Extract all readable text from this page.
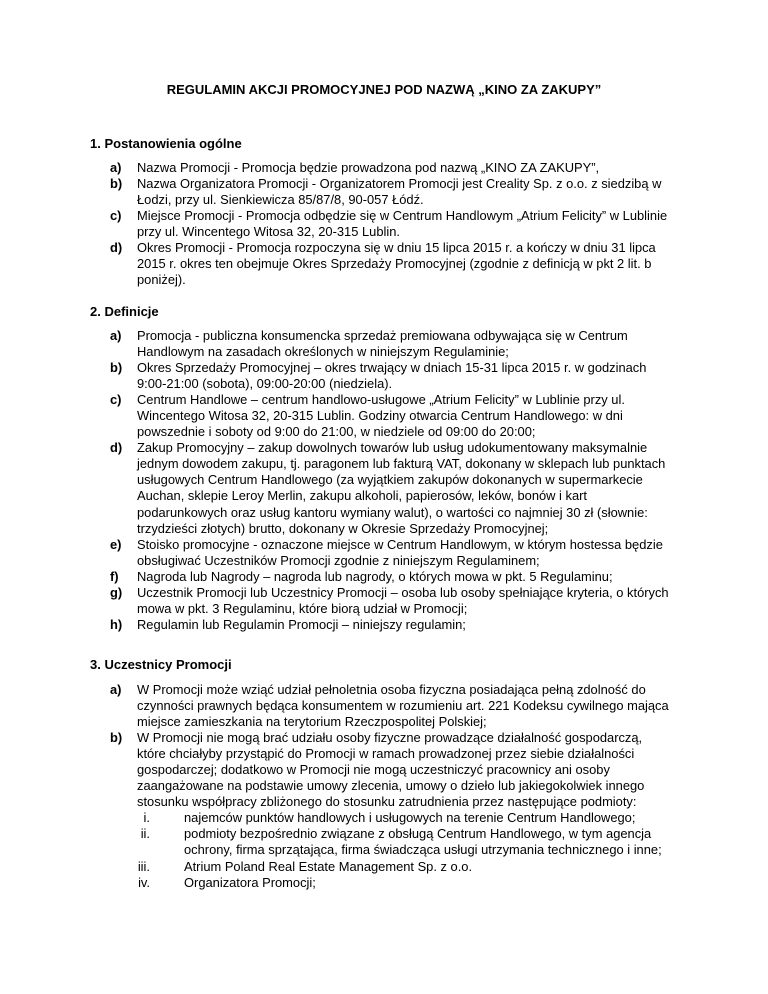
REGULAMIN AKCJI PROMOCYJNEJ POD NAZWĄ „KINO ZA ZAKUPY”
1. Postanowienia ogólne
a) Nazwa Promocji - Promocja będzie prowadzona pod nazwą „KINO ZA ZAKUPY”,
b) Nazwa Organizatora Promocji - Organizatorem Promocji jest Creality Sp. z o.o. z siedzibą w Łodzi, przy ul. Sienkiewicza 85/87/8, 90-057 Łódź.
c) Miejsce Promocji - Promocja odbędzie się w Centrum Handlowym „Atrium Felicity” w Lublinie przy ul. Wincentego Witosa 32, 20-315 Lublin.
d) Okres Promocji - Promocja rozpoczyna się w dniu 15 lipca 2015 r. a kończy w dniu 31 lipca 2015 r. okres ten obejmuje Okres Sprzedaży Promocyjnej (zgodnie z definicją w pkt 2 lit. b poniżej).
2. Definicje
a) Promocja - publiczna konsumencka sprzedaż premiowana odbywająca się w Centrum Handlowym na zasadach określonych w niniejszym Regulaminie;
b) Okres Sprzedaży Promocyjnej – okres trwający w dniach 15-31 lipca 2015 r. w godzinach 9:00-21:00 (sobota), 09:00-20:00 (niedziela).
c) Centrum Handlowe – centrum handlowo-usługowe „Atrium Felicity” w Lublinie przy ul. Wincentego Witosa 32, 20-315 Lublin. Godziny otwarcia Centrum Handlowego: w dni powszednie i soboty od 9:00 do 21:00, w niedziele od 09:00 do 20:00;
d) Zakup Promocyjny – zakup dowolnych towarów lub usług udokumentowany maksymalnie jednym dowodem zakupu, tj. paragonem lub fakturą VAT, dokonany w sklepach lub punktach usługowych Centrum Handlowego (za wyjątkiem zakupów dokonanych w supermarkecie Auchan, sklepie Leroy Merlin, zakupu alkoholi, papierosów, leków, bonów i kart podarunkowych oraz usług kantoru wymiany walut), o wartości co najmniej 30 zł (słownie: trzydzieści złotych) brutto, dokonany w Okresie Sprzedaży Promocyjnej;
e) Stoisko promocyjne - oznaczone miejsce w Centrum Handlowym, w którym hostessa będzie obsługiwać Uczestników Promocji zgodnie z niniejszym Regulaminem;
f) Nagroda lub Nagrody – nagroda lub nagrody, o których mowa w pkt. 5 Regulaminu;
g) Uczestnik Promocji lub Uczestnicy Promocji – osoba lub osoby spełniające kryteria, o których mowa w pkt. 3 Regulaminu, które biorą udział w Promocji;
h) Regulamin lub Regulamin Promocji – niniejszy regulamin;
3. Uczestnicy Promocji
a) W Promocji może wziąć udział pełnoletnia osoba fizyczna posiadająca pełną zdolność do czynności prawnych będąca konsumentem w rozumieniu art. 221 Kodeksu cywilnego mająca miejsce zamieszkania na terytorium Rzeczpospolitej Polskiej;
b) W Promocji nie mogą brać udziału osoby fizyczne prowadzące działalność gospodarczą, które chciałyby przystąpić do Promocji w ramach prowadzonej przez siebie działalności gospodarczej; dodatkowo w Promocji nie mogą uczestniczyć pracownicy ani osoby zaangażowane na podstawie umowy zlecenia, umowy o dzieło lub jakiegokolwiek innego stosunku współpracy zbliżonego do stosunku zatrudnienia przez następujące podmioty:
i.	najemców punktów handlowych i usługowych na terenie Centrum Handlowego;
ii.	podmioty bezpośrednio związane z obsługą Centrum Handlowego, w tym agencja ochrony, firma sprzątająca, firma świadcząca usługi utrzymania technicznego i inne;
iii.	Atrium Poland Real Estate Management Sp. z o.o.
iv.	Organizatora Promocji;
